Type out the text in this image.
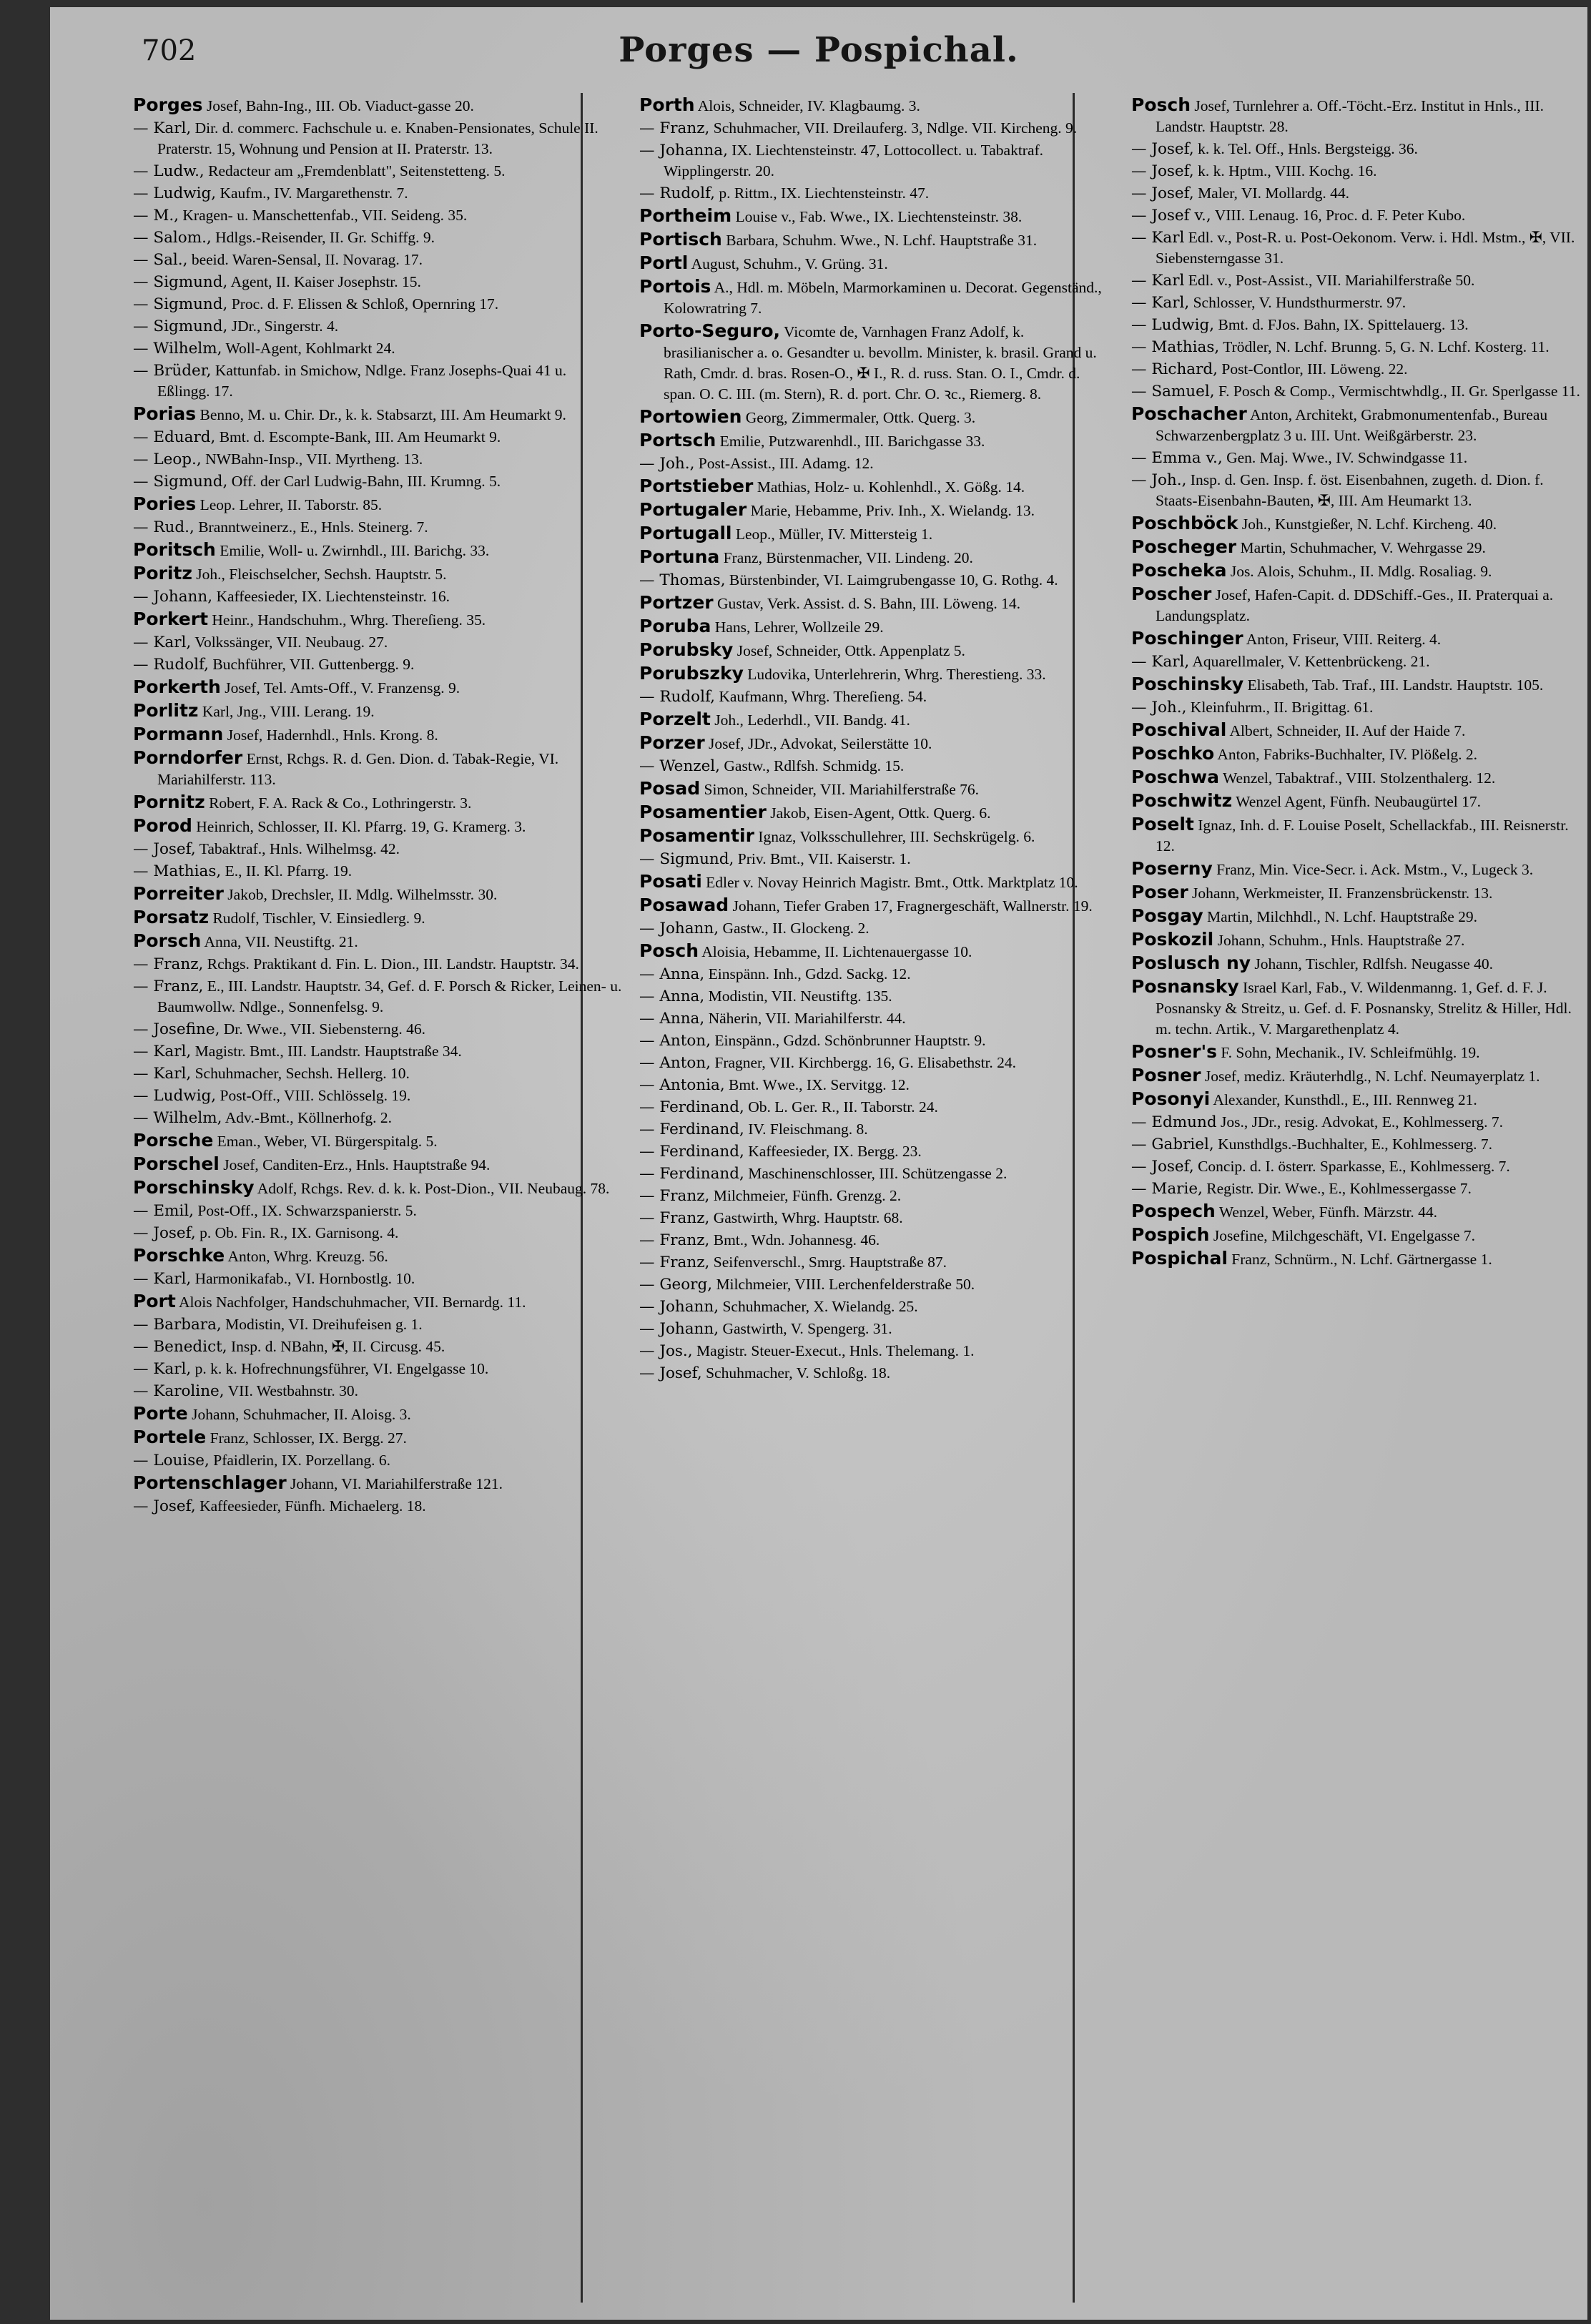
702	Porges — Pospichal.

Porges Josef, Bahn-Ing., III. Ob. Viaduct-gasse 20.

— Karl, Dir. d. commerc. Fachschule u. e. Knaben-Pensionates, Schule II. Praterstr. 15, Wohnung und Pension at II. Praterstr. 13.

— Ludw., Redacteur am „Fremdenblatt", Seitenstetteng. 5.

— Ludwig, Kaufm., IV. Margarethenstr. 7.

— M., Kragen- u. Manschettenfab., VII. Seideng. 35.

— Salom., Hdlgs.-Reisender, II. Gr. Schiffg. 9.

— Sal., beeid. Waren-Sensal, II. Novarag. 17.

— Sigmund, Agent, II. Kaiser Josephstr. 15.

— Sigmund, Proc. d. F. Elissen & Schloß, Opernring 17.

— Sigmund, JDr., Singerstr. 4.

— Wilhelm, Woll-Agent, Kohlmarkt 24.

— Brüder, Kattunfab. in Smichow, Ndlge. Franz Josephs-Quai 41 u. Eßlingg. 17.

Porias Benno, M. u. Chir. Dr., k. k. Stabsarzt, III. Am Heumarkt 9.

— Eduard, Bmt. d. Escompte-Bank, III. Am Heumarkt 9.

— Leop., NWBahn-Insp., VII. Myrtheng. 13.

— Sigmund, Off. der Carl Ludwig-Bahn, III. Krumng. 5.

Pories Leop. Lehrer, II. Taborstr. 85.

— Rud., Branntweinerz., E., Hnls. Steinerg. 7.

Poritsch Emilie, Woll- u. Zwirnhdl., III. Barichg. 33.

Poritz Joh., Fleischselcher, Sechsh. Hauptstr. 5.

— Johann, Kaffeesieder, IX. Liechtensteinstr. 16.

Porkert Heinr., Handschuhm., Whrg. Thereſieng. 35.

— Karl, Volkssänger, VII. Neubaug. 27.

— Rudolf, Buchführer, VII. Guttenbergg. 9.

Porkerth Josef, Tel. Amts-Off., V. Franzensg. 9.

Porlitz Karl, Jng., VIII. Lerang. 19.

Pormann Josef, Hadernhdl., Hnls. Krong. 8.

Porndorfer Ernst, Rchgs. R. d. Gen. Dion. d. Tabak-Regie, VI. Mariahilferstr. 113.

Pornitz Robert, F. A. Rack & Co., Lothringerstr. 3.

Porod Heinrich, Schlosser, II. Kl. Pfarrg. 19, G. Kramerg. 3.

— Josef, Tabaktraf., Hnls. Wilhelmsg. 42.

— Mathias, E., II. Kl. Pfarrg. 19.

Porreiter Jakob, Drechsler, II. Mdlg. Wilhelmsstr. 30.

Porsatz Rudolf, Tischler, V. Einsiedlerg. 9.

Porsch Anna, VII. Neustiftg. 21.

— Franz, Rchgs. Praktikant d. Fin. L. Dion., III. Landstr. Hauptstr. 34.

— Franz, E., III. Landstr. Hauptstr. 34, Gef. d. F. Porsch & Ricker, Leinen- u. Baumwollw. Ndlge., Sonnenfelsg. 9.

— Josefine, Dr. Wwe., VII. Siebensterng. 46.

— Karl, Magistr. Bmt., III. Landstr. Hauptstraße 34.

— Karl, Schuhmacher, Sechsh. Hellerg. 10.

— Ludwig, Post-Off., VIII. Schlösselg. 19.

— Wilhelm, Adv.-Bmt., Köllnerhofg. 2.

Porsche Eman., Weber, VI. Bürgerspitalg. 5.

Porschel Josef, Canditen-Erz., Hnls. Hauptstraße 94.

Porschinsky Adolf, Rchgs. Rev. d. k. k. Post-Dion., VII. Neubaug. 78.

— Emil, Post-Off., IX. Schwarzspanierstr. 5.

— Josef, p. Ob. Fin. R., IX. Garnisong. 4.

Porschke Anton, Whrg. Kreuzg. 56.

— Karl, Harmonikafab., VI. Hornbostlg. 10.

Port Alois Nachfolger, Handschuhmacher, VII. Bernardg. 11.

— Barbara, Modistin, VI. Dreihufeisen g. 1.

— Benedict, Insp. d. NBahn, ✠, II. Circusg. 45.

— Karl, p. k. k. Hofrechnungsführer, VI. Engelgasse 10.

— Karoline, VII. Westbahnstr. 30.

Porte Johann, Schuhmacher, II. Aloisg. 3.

Portele Franz, Schlosser, IX. Bergg. 27.

— Louise, Pfaidlerin, IX. Porzellang. 6.

Portenschlager Johann, VI. Mariahilferstraße 121.

— Josef, Kaffeesieder, Fünfh. Michaelerg. 18.

Porth Alois, Schneider, IV. Klagbaumg. 3.

— Franz, Schuhmacher, VII. Dreilauferg. 3, Ndlge. VII. Kircheng. 9.

— Johanna, IX. Liechtensteinstr. 47, Lottocollect. u. Tabaktraf. Wipplingerstr. 20.

— Rudolf, p. Rittm., IX. Liechtensteinstr. 47.

Portheim Louise v., Fab. Wwe., IX. Liechtensteinstr. 38.

Portisch Barbara, Schuhm. Wwe., N. Lchf. Hauptstraße 31.

Portl August, Schuhm., V. Grüng. 31.

Portois A., Hdl. m. Möbeln, Marmorkaminen u. Decorat. Gegenständ., Kolowratring 7.

Porto-Seguro, Vicomte de, Varnhagen Franz Adolf, k. brasilianischer a. o. Gesandter u. bevollm. Minister, k. brasil. Grand u. Rath, Cmdr. d. bras. Rosen-O., ✠ I., R. d. russ. Stan. O. I., Cmdr. d. span. O. C. III. (m. Stern), R. d. port. Chr. O. ꝛc., Riemerg. 8.

Portowien Georg, Zimmermaler, Ottk. Querg. 3.

Portsch Emilie, Putzwarenhdl., III. Barichgasse 33.

— Joh., Post-Assist., III. Adamg. 12.

Portstieber Mathias, Holz- u. Kohlenhdl., X. Gößg. 14.

Portugaler Marie, Hebamme, Priv. Inh., X. Wielandg. 13.

Portugall Leop., Müller, IV. Mittersteig 1.

Portuna Franz, Bürstenmacher, VII. Lindeng. 20.

— Thomas, Bürstenbinder, VI. Laimgrubengasse 10, G. Rothg. 4.

Portzer Gustav, Verk. Assist. d. S. Bahn, III. Löweng. 14.

Poruba Hans, Lehrer, Wollzeile 29.

Porubsky Josef, Schneider, Ottk. Appenplatz 5.

Porubszky Ludovika, Unterlehrerin, Whrg. Therestieng. 33.

— Rudolf, Kaufmann, Whrg. Thereſieng. 54.

Porzelt Joh., Lederhdl., VII. Bandg. 41.

Porzer Josef, JDr., Advokat, Seilerstätte 10.

— Wenzel, Gastw., Rdlfsh. Schmidg. 15.

Posad Simon, Schneider, VII. Mariahilferstraße 76.

Posamentier Jakob, Eisen-Agent, Ottk. Querg. 6.

Posamentir Ignaz, Volksschullehrer, III. Sechskrügelg. 6.

— Sigmund, Priv. Bmt., VII. Kaiserstr. 1.

Posati Edler v. Novay Heinrich Magistr. Bmt., Ottk. Marktplatz 10.

Posawad Johann, Tiefer Graben 17, Fragnergeschäft, Wallnerstr. 19.

— Johann, Gastw., II. Glockeng. 2.

Posch Aloisia, Hebamme, II. Lichtenauergasse 10.

— Anna, Einspänn. Inh., Gdzd. Sackg. 12.

— Anna, Modistin, VII. Neustiftg. 135.

— Anna, Näherin, VII. Mariahilferstr. 44.

— Anton, Einspänn., Gdzd. Schönbrunner Hauptstr. 9.

— Anton, Fragner, VII. Kirchbergg. 16, G. Elisabethstr. 24.

— Antonia, Bmt. Wwe., IX. Servitgg. 12.

— Ferdinand, Ob. L. Ger. R., II. Taborstr. 24.

— Ferdinand, IV. Fleischmang. 8.

— Ferdinand, Kaffeesieder, IX. Bergg. 23.

— Ferdinand, Maschinenschlosser, III. Schützengasse 2.

— Franz, Milchmeier, Fünfh. Grenzg. 2.

— Franz, Gastwirth, Whrg. Hauptstr. 68.

— Franz, Bmt., Wdn. Johannesg. 46.

— Franz, Seifenverschl., Smrg. Hauptstraße 87.

— Georg, Milchmeier, VIII. Lerchenfelderstraße 50.

— Johann, Schuhmacher, X. Wielandg. 25.

— Johann, Gastwirth, V. Spengerg. 31.

— Jos., Magistr. Steuer-Execut., Hnls. Thelemang. 1.

— Josef, Schuhmacher, V. Schloßg. 18.

Posch Josef, Turnlehrer a. Off.-Töcht.-Erz. Institut in Hnls., III. Landstr. Hauptstr. 28.

— Josef, k. k. Tel. Off., Hnls. Bergsteigg. 36.

— Josef, k. k. Hptm., VIII. Kochg. 16.

— Josef, Maler, VI. Mollardg. 44.

— Josef v., VIII. Lenaug. 16, Proc. d. F. Peter Kubo.

— Karl Edl. v., Post-R. u. Post-Oekonom. Verw. i. Hdl. Mstm., ✠, VII. Siebensterngasse 31.

— Karl Edl. v., Post-Assist., VII. Mariahilferstraße 50.

— Karl, Schlosser, V. Hundsthurmerstr. 97.

— Ludwig, Bmt. d. FJos. Bahn, IX. Spittelauerg. 13.

— Mathias, Trödler, N. Lchf. Brunng. 5, G. N. Lchf. Kosterg. 11.

— Richard, Post-Contlor, III. Löweng. 22.

— Samuel, F. Posch & Comp., Vermischtwhdlg., II. Gr. Sperlgasse 11.

Poschacher Anton, Architekt, Grabmonumentenfab., Bureau Schwarzenbergplatz 3 u. III. Unt. Weißgärberstr. 23.

— Emma v., Gen. Maj. Wwe., IV. Schwindgasse 11.

— Joh., Insp. d. Gen. Insp. f. öst. Eisenbahnen, zugeth. d. Dion. f. Staats-Eisenbahn-Bauten, ✠, III. Am Heumarkt 13.

Poschböck Joh., Kunstgießer, N. Lchf. Kircheng. 40.

Poscheger Martin, Schuhmacher, V. Wehrgasse 29.

Poscheka Jos. Alois, Schuhm., II. Mdlg. Rosaliag. 9.

Poscher Josef, Hafen-Capit. d. DDSchiff.-Ges., II. Praterquai a. Landungsplatz.

Poschinger Anton, Friseur, VIII. Reiterg. 4.

— Karl, Aquarellmaler, V. Kettenbrückeng. 21.

Poschinsky Elisabeth, Tab. Traf., III. Landstr. Hauptstr. 105.

— Joh., Kleinfuhrm., II. Brigittag. 61.

Poschival Albert, Schneider, II. Auf der Haide 7.

Poschko Anton, Fabriks-Buchhalter, IV. Plößelg. 2.

Poschwa Wenzel, Tabaktraf., VIII. Stolzenthalerg. 12.

Poschwitz Wenzel Agent, Fünfh. Neubaugürtel 17.

Poselt Ignaz, Inh. d. F. Louise Poselt, Schellackfab., III. Reisnerstr. 12.

Poserny Franz, Min. Vice-Secr. i. Ack. Mstm., V., Lugeck 3.

Poser Johann, Werkmeister, II. Franzensbrückenstr. 13.

Posgay Martin, Milchhdl., N. Lchf. Hauptstraße 29.

Poskozil Johann, Schuhm., Hnls. Hauptstraße 27.

Poslusch ny Johann, Tischler, Rdlfsh. Neugasse 40.

Posnansky Israel Karl, Fab., V. Wildenmanng. 1, Gef. d. F. J. Posnansky & Streitz, u. Gef. d. F. Posnansky, Strelitz & Hiller, Hdl. m. techn. Artik., V. Margarethenplatz 4.

Posner's F. Sohn, Mechanik., IV. Schleifmühlg. 19.

Posner Josef, mediz. Kräuterhdlg., N. Lchf. Neumayerplatz 1.

Posonyi Alexander, Kunsthdl., E., III. Rennweg 21.

— Edmund Jos., JDr., resig. Advokat, E., Kohlmesserg. 7.

— Gabriel, Kunsthdlgs.-Buchhalter, E., Kohlmesserg. 7.

— Josef, Concip. d. I. österr. Sparkasse, E., Kohlmesserg. 7.

— Marie, Registr. Dir. Wwe., E., Kohlmessergasse 7.

Pospech Wenzel, Weber, Fünfh. Märzstr. 44.

Pospich Josefine, Milchgeschäft, VI. Engelgasse 7.

Pospichal Franz, Schnürm., N. Lchf. Gärtnergasse 1.
